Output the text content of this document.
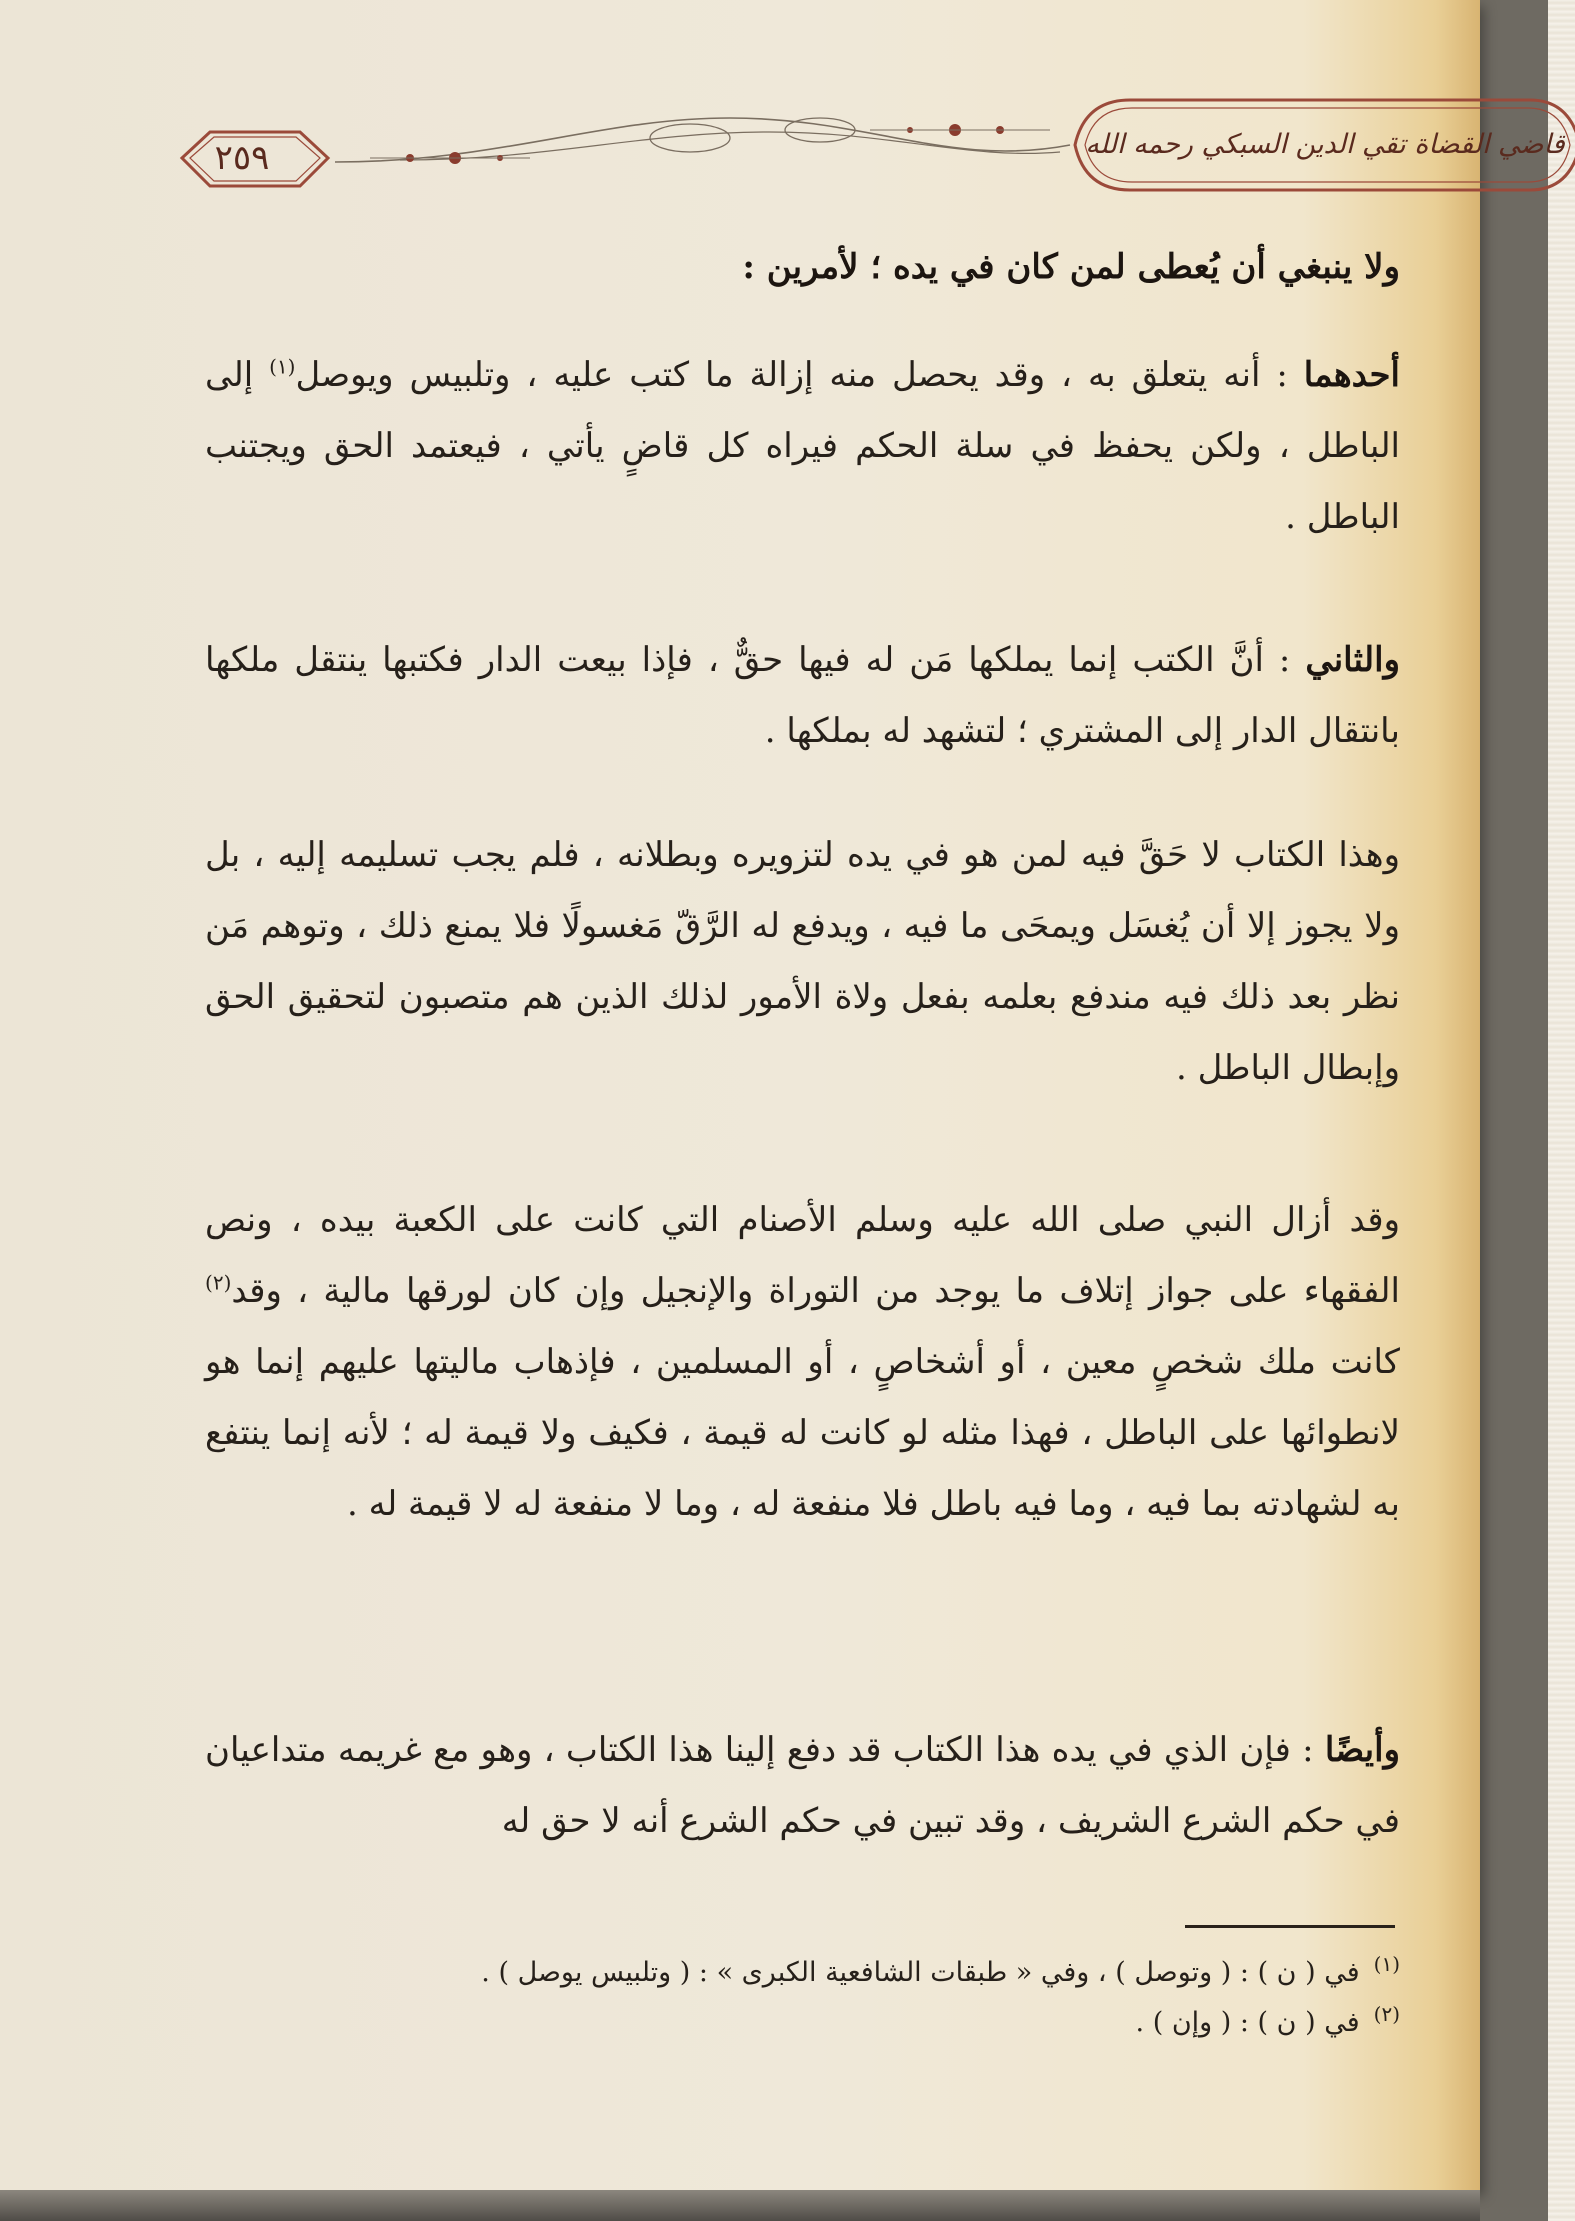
٢٥٩	قاضي القضاة تقي الدين السبكي رحمه الله
ولا ينبغي أن يُعطى لمن كان في يده ؛ لأمرين :
أحدهما : أنه يتعلق به ، وقد يحصل منه إزالة ما كتب عليه ، وتلبيس ويوصل$^{(١)}$ إلى الباطل ، ولكن يحفظ في سلة الحكم فيراه كل قاضٍ يأتي ، فيعتمد الحق ويجتنب الباطل .
والثاني : أنَّ الكتب إنما يملكها مَن له فيها حقٌّ ، فإذا بيعت الدار فكتبها ينتقل ملكها بانتقال الدار إلى المشتري ؛ لتشهد له بملكها .
وهذا الكتاب لا حَقَّ فيه لمن هو في يده لتزويره وبطلانه ، فلم يجب تسليمه إليه ، بل ولا يجوز إلا أن يُغسَل ويمحَى ما فيه ، ويدفع له الرَّقّ مَغسولًا فلا يمنع ذلك ، وتوهم مَن نظر بعد ذلك فيه مندفع بعلمه بفعل ولاة الأمور لذلك الذين هم متصبون لتحقيق الحق وإبطال الباطل .
وقد أزال النبي صلى الله عليه وسلم الأصنام التي كانت على الكعبة بيده ، ونص الفقهاء على جواز إتلاف ما يوجد من التوراة والإنجيل وإن كان لورقها مالية ، وقد$^{(٢)}$ كانت ملك شخصٍ معين ، أو أشخاصٍ ، أو المسلمين ، فإذهاب ماليتها عليهم إنما هو لانطوائها على الباطل ، فهذا مثله لو كانت له قيمة ، فكيف ولا قيمة له ؛ لأنه إنما ينتفع به لشهادته بما فيه ، وما فيه باطل فلا منفعة له ، وما لا منفعة له لا قيمة له .
وأيضًا : فإن الذي في يده هذا الكتاب قد دفع إلينا هذا الكتاب ، وهو مع غريمه متداعيان في حكم الشرع الشريف ، وقد تبين في حكم الشرع أنه لا حق له
$^{(١)}$في ( ن ) : ( وتوصل ) ، وفي « طبقات الشافعية الكبرى » : ( وتلبيس يوصل ) .
$^{(٢)}$في ( ن ) : ( وإن ) .
